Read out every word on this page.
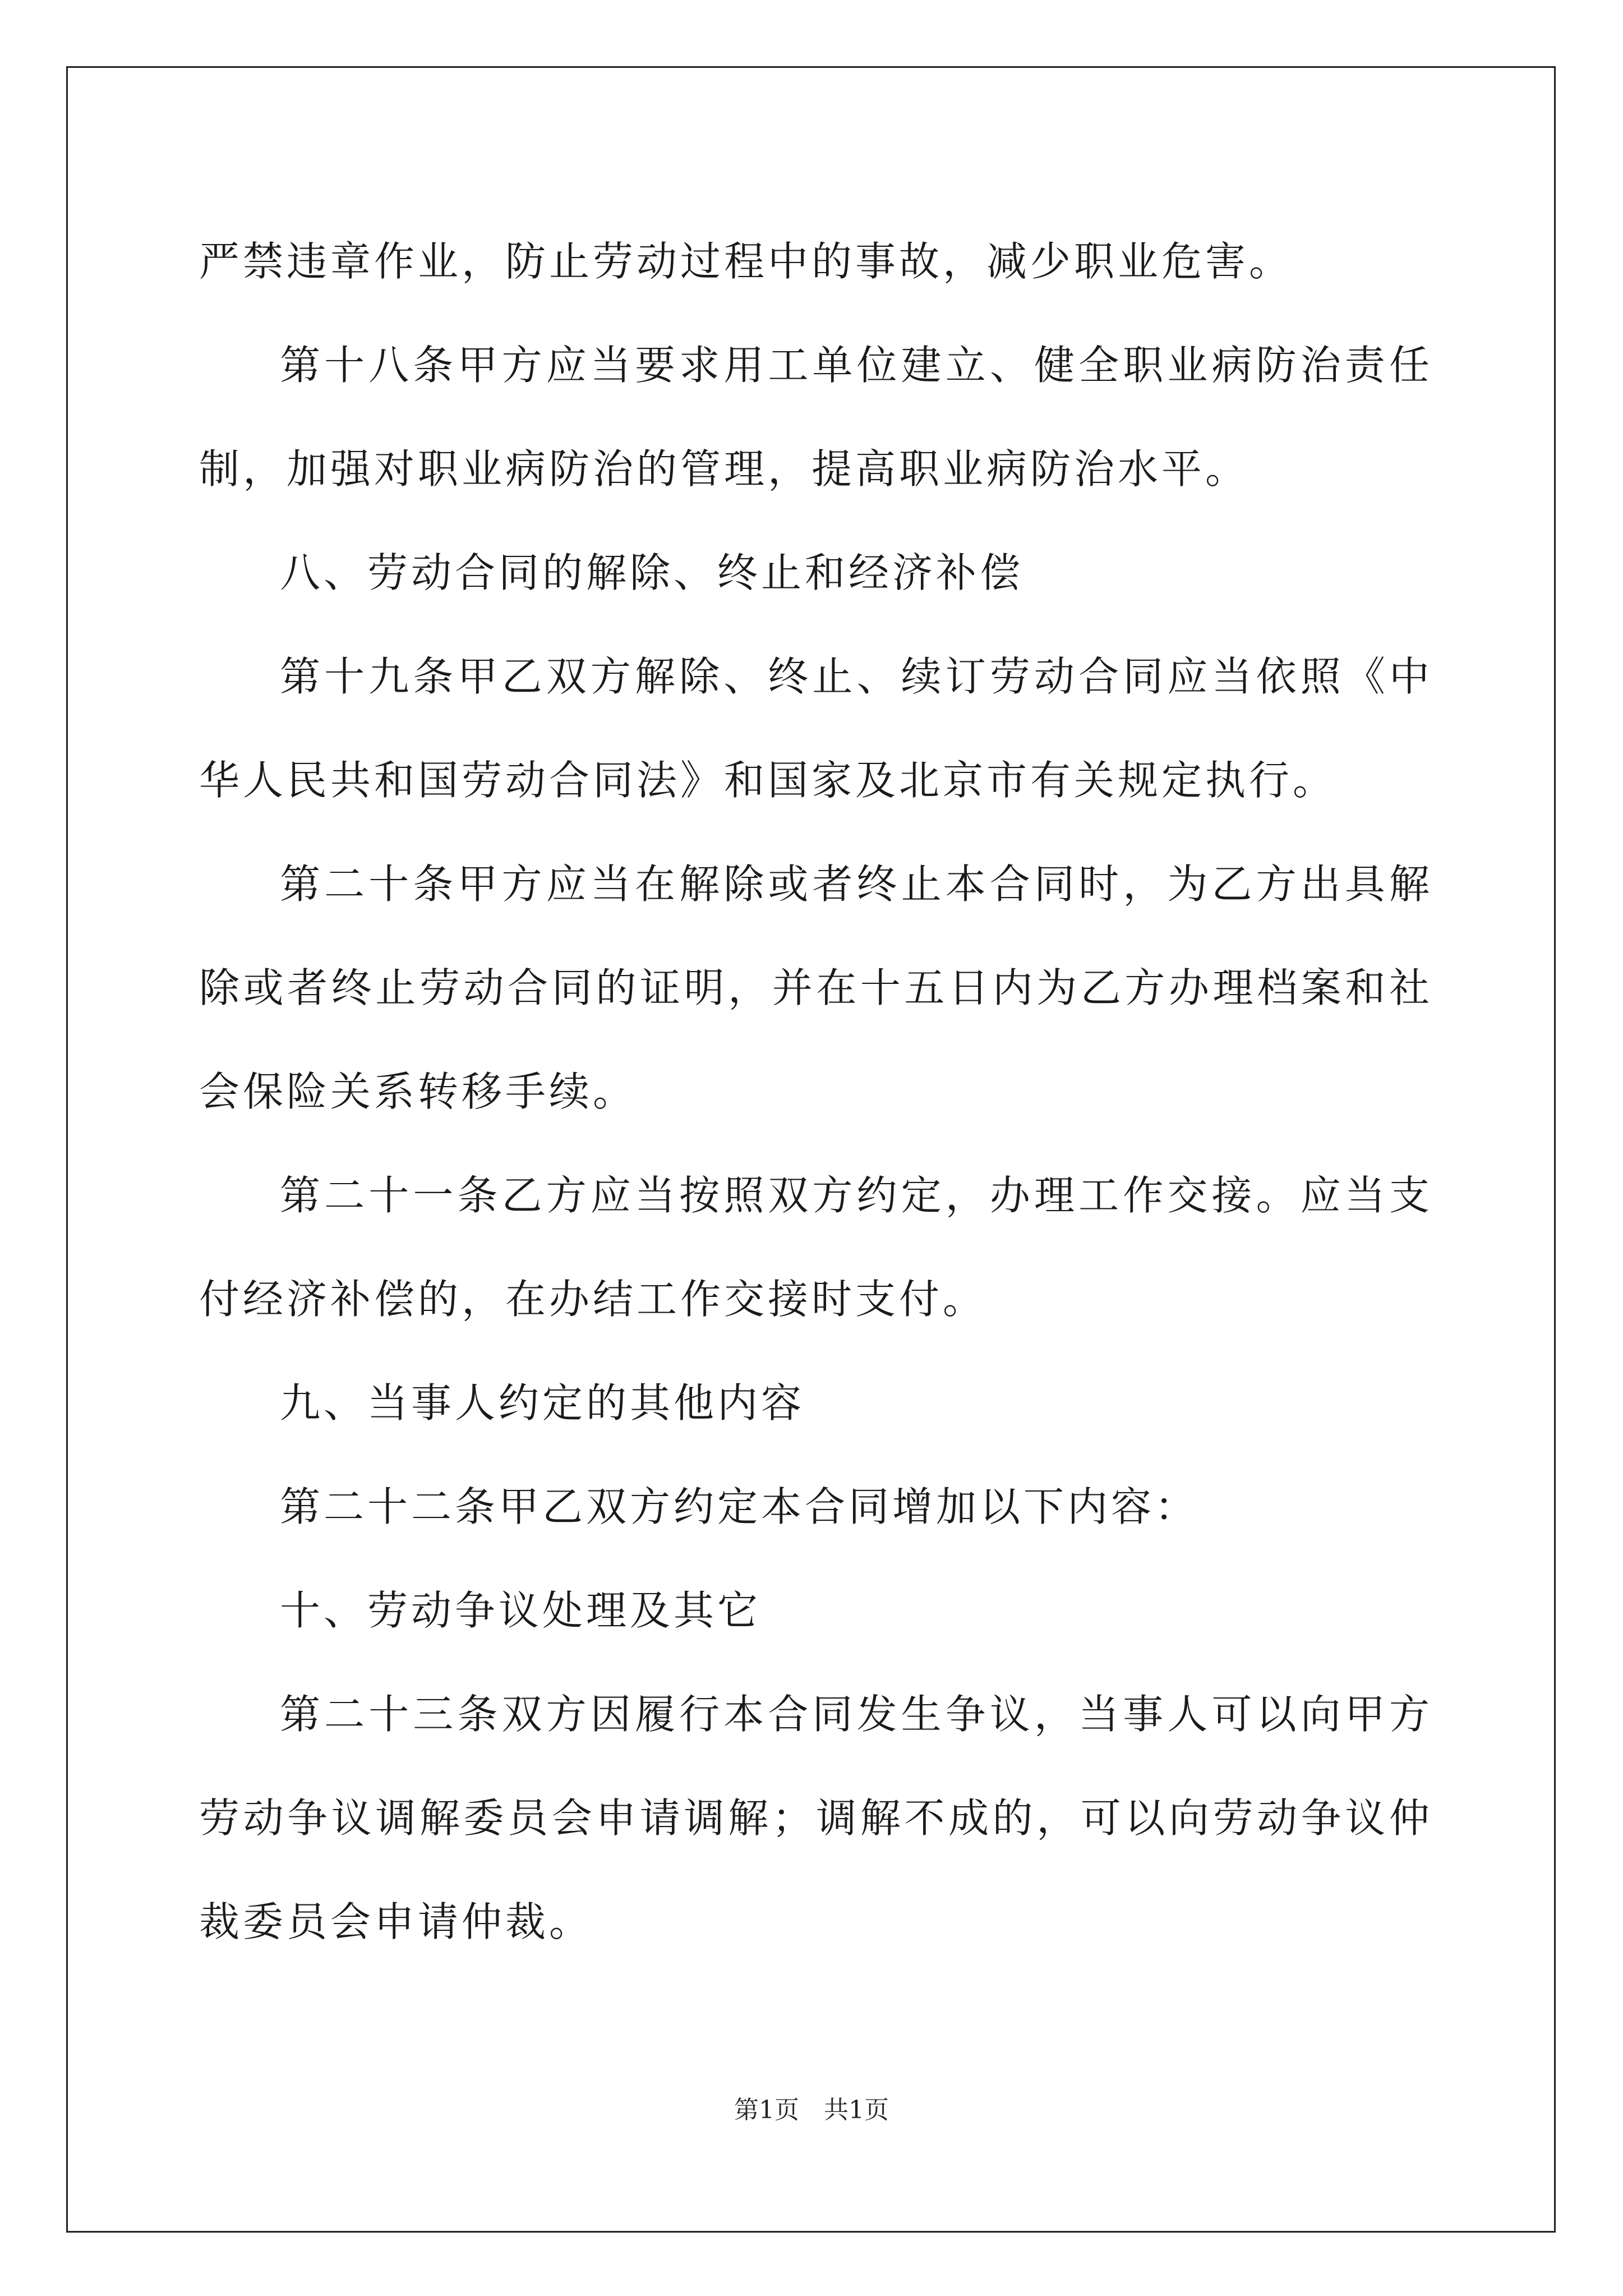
严禁违章作业，防止劳动过程中的事故，减少职业危害。

第十八条甲方应当要求用工单位建立、健全职业病防治责任制，加强对职业病防治的管理，提高职业病防治水平。

八、劳动合同的解除、终止和经济补偿

第十九条甲乙双方解除、终止、续订劳动合同应当依照《中华人民共和国劳动合同法》和国家及北京市有关规定执行。

第二十条甲方应当在解除或者终止本合同时，为乙方出具解除或者终止劳动合同的证明，并在十五日内为乙方办理档案和社会保险关系转移手续。

第二十一条乙方应当按照双方约定，办理工作交接。应当支付经济补偿的，在办结工作交接时支付。

九、当事人约定的其他内容

第二十二条甲乙双方约定本合同增加以下内容：

十、劳动争议处理及其它

第二十三条双方因履行本合同发生争议，当事人可以向甲方劳动争议调解委员会申请调解；调解不成的，可以向劳动争议仲裁委员会申请仲裁。

第1页　共1页
